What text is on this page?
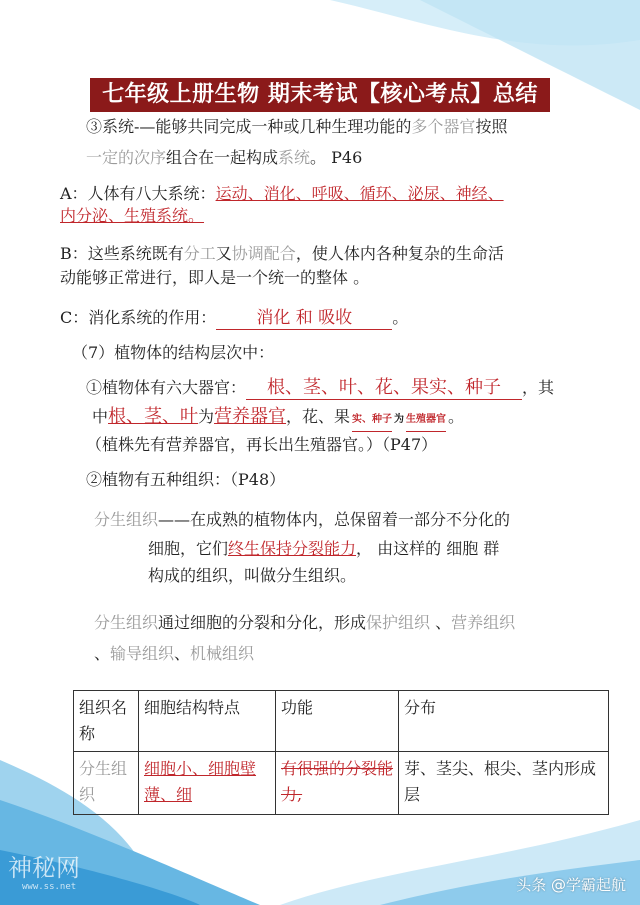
七年级上册生物 期末考试【核心考点】总结
③系统-—能够共同完成一种或几种生理功能的多个器官按照
一定的次序组合在一起构成系统。 P46
A：人体有八大系统：运动、消化、呼吸、循环、泌尿、神经、
内分泌、生殖系统。
B：这些系统既有分工又协调配合，使人体内各种复杂的生命活
动能够正常进行，即人是一个统一的整体 。
C：消化系统的作用： 消化 和 吸收	。
（7）植物体的结构层次中：
①植物体有六大器官： 根、茎、叶、花、果实、种子 ，其
中根、茎、叶为营养器官，花、果 实、种子 为 生殖器官 。
（植株先有营养器官，再长出生殖器官。）（P47）
②植物有五种组织：（P48）
分生组织——在成熟的植物体内，总保留着一部分不分化的
细胞，它们终生保持分裂能力， 由这样的 细胞 群
构成的组织，叫做分生组织。
分生组织通过细胞的分裂和分化，形成保护组织 、营养组织
、输导组织、机械组织
组织名称	细胞结构特点	功能	分布
分生组织	细胞小、细胞壁薄、细	有很强的分裂能力,	芽、茎尖、根尖、茎内形成层
神秘网
www.ss.net	头条 @学霸起航
